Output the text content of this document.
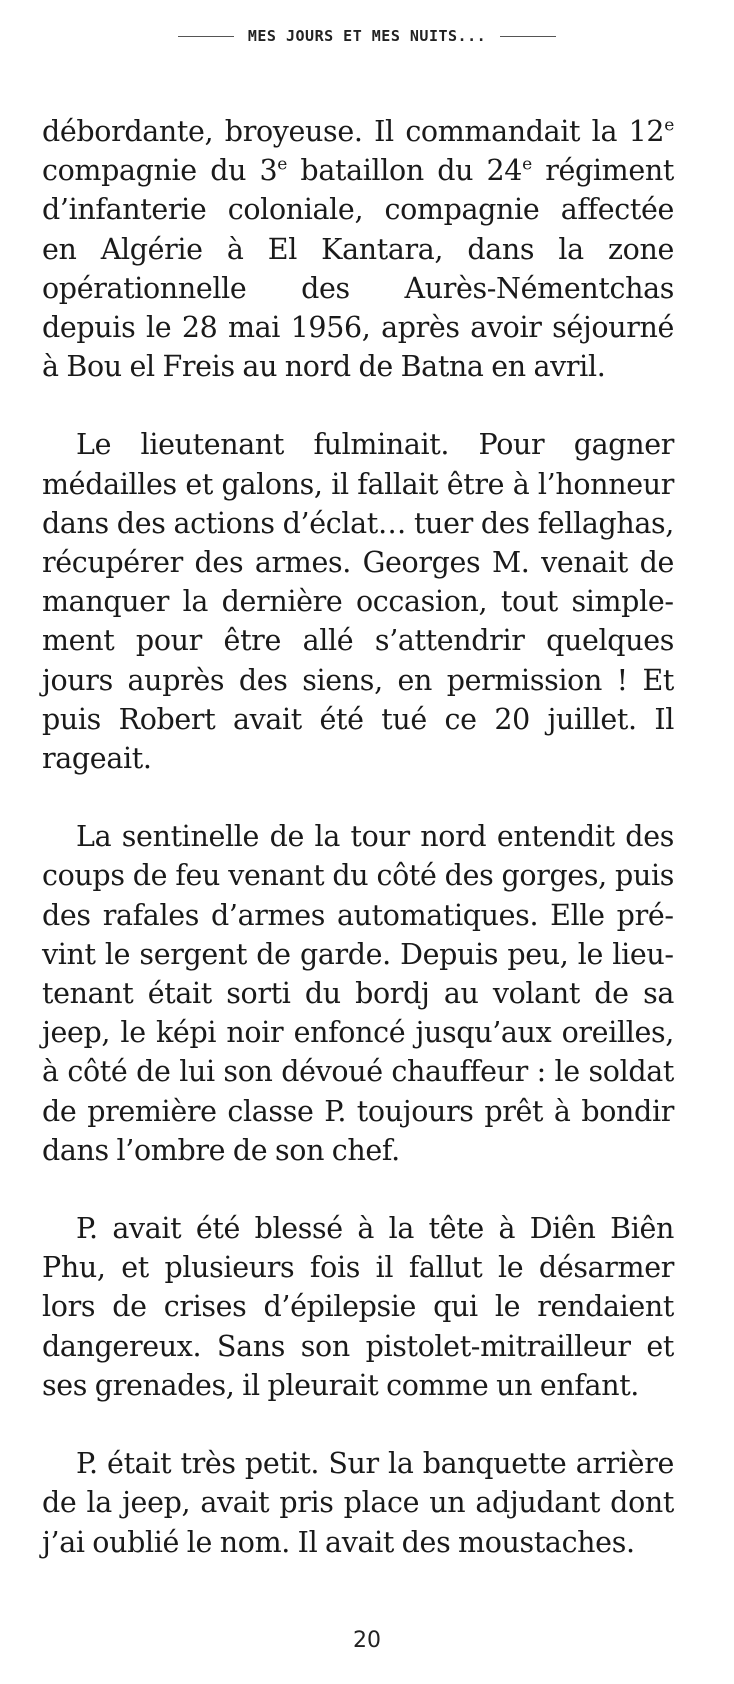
MES JOURS ET MES NUITS...

débordante, broyeuse. Il commandait la 12e compagnie du 3e bataillon du 24e régiment d’infanterie coloniale, compagnie affectée en Algérie à El Kantara, dans la zone opérationnelle des Aurès-Némentchas depuis le 28 mai 1956, après avoir séjourné à Bou el Freis au nord de Batna en avril.

Le lieutenant fulminait. Pour gagner médailles et galons, il fallait être à l’honneur dans des actions d’éclat… tuer des fellaghas, récupérer des armes. Georges M. venait de manquer la dernière occasion, tout simplement pour être allé s’attendrir quelques jours auprès des siens, en permission ! Et puis Robert avait été tué ce 20 juillet. Il rageait.

La sentinelle de la tour nord entendit des coups de feu venant du côté des gorges, puis des rafales d’armes automatiques. Elle prévint le sergent de garde. Depuis peu, le lieutenant était sorti du bordj au volant de sa jeep, le képi noir enfoncé jusqu’aux oreilles, à côté de lui son dévoué chauffeur : le soldat de première classe P. toujours prêt à bondir dans l’ombre de son chef.

P. avait été blessé à la tête à Diên Biên Phu, et plusieurs fois il fallut le désarmer lors de crises d’épilepsie qui le rendaient dangereux. Sans son pistolet-mitrailleur et ses grenades, il pleurait comme un enfant.

P. était très petit. Sur la banquette arrière de la jeep, avait pris place un adjudant dont j’ai oublié le nom. Il avait des moustaches.

20
